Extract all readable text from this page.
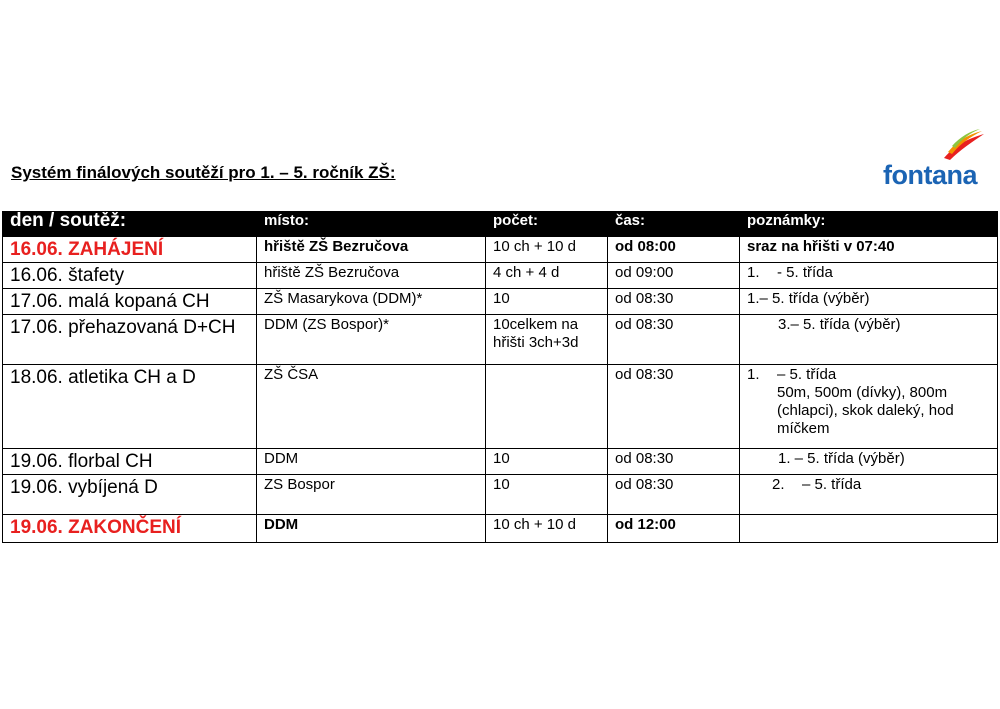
Systém finálových soutěží pro 1. – 5. ročník ZŠ:	fontana
den / soutěž:	místo:	počet:	čas:	poznámky:
16.06. ZAHÁJENÍ	hřiště ZŠ Bezručova	10 ch + 10 d	od 08:00	sraz na hřišti v 07:40
16.06. štafety	hřiště ZŠ Bezručova	4 ch + 4 d	od 09:00	1. - 5. třída
17.06. malá kopaná CH	ZŠ Masarykova (DDM)*	10	od 08:30	1.– 5. třída (výběr)
17.06. přehazovaná D+CH	DDM (ZS Bospor)*	10celkem na hřišti 3ch+3d	od 08:30	3.– 5. třída (výběr)
18.06. atletika CH a D	ZŠ ČSA		od 08:30	1. – 5. třída
50m, 500m (dívky), 800m (chlapci), skok daleký, hod míčkem

19.06. florbal CH	DDM	10	od 08:30	1. – 5. třída (výběr)
19.06. vybíjená D	ZS Bospor	10	od 08:30	2. – 5. třída
19.06. ZAKONČENÍ	DDM	10 ch + 10 d	od 12:00	
